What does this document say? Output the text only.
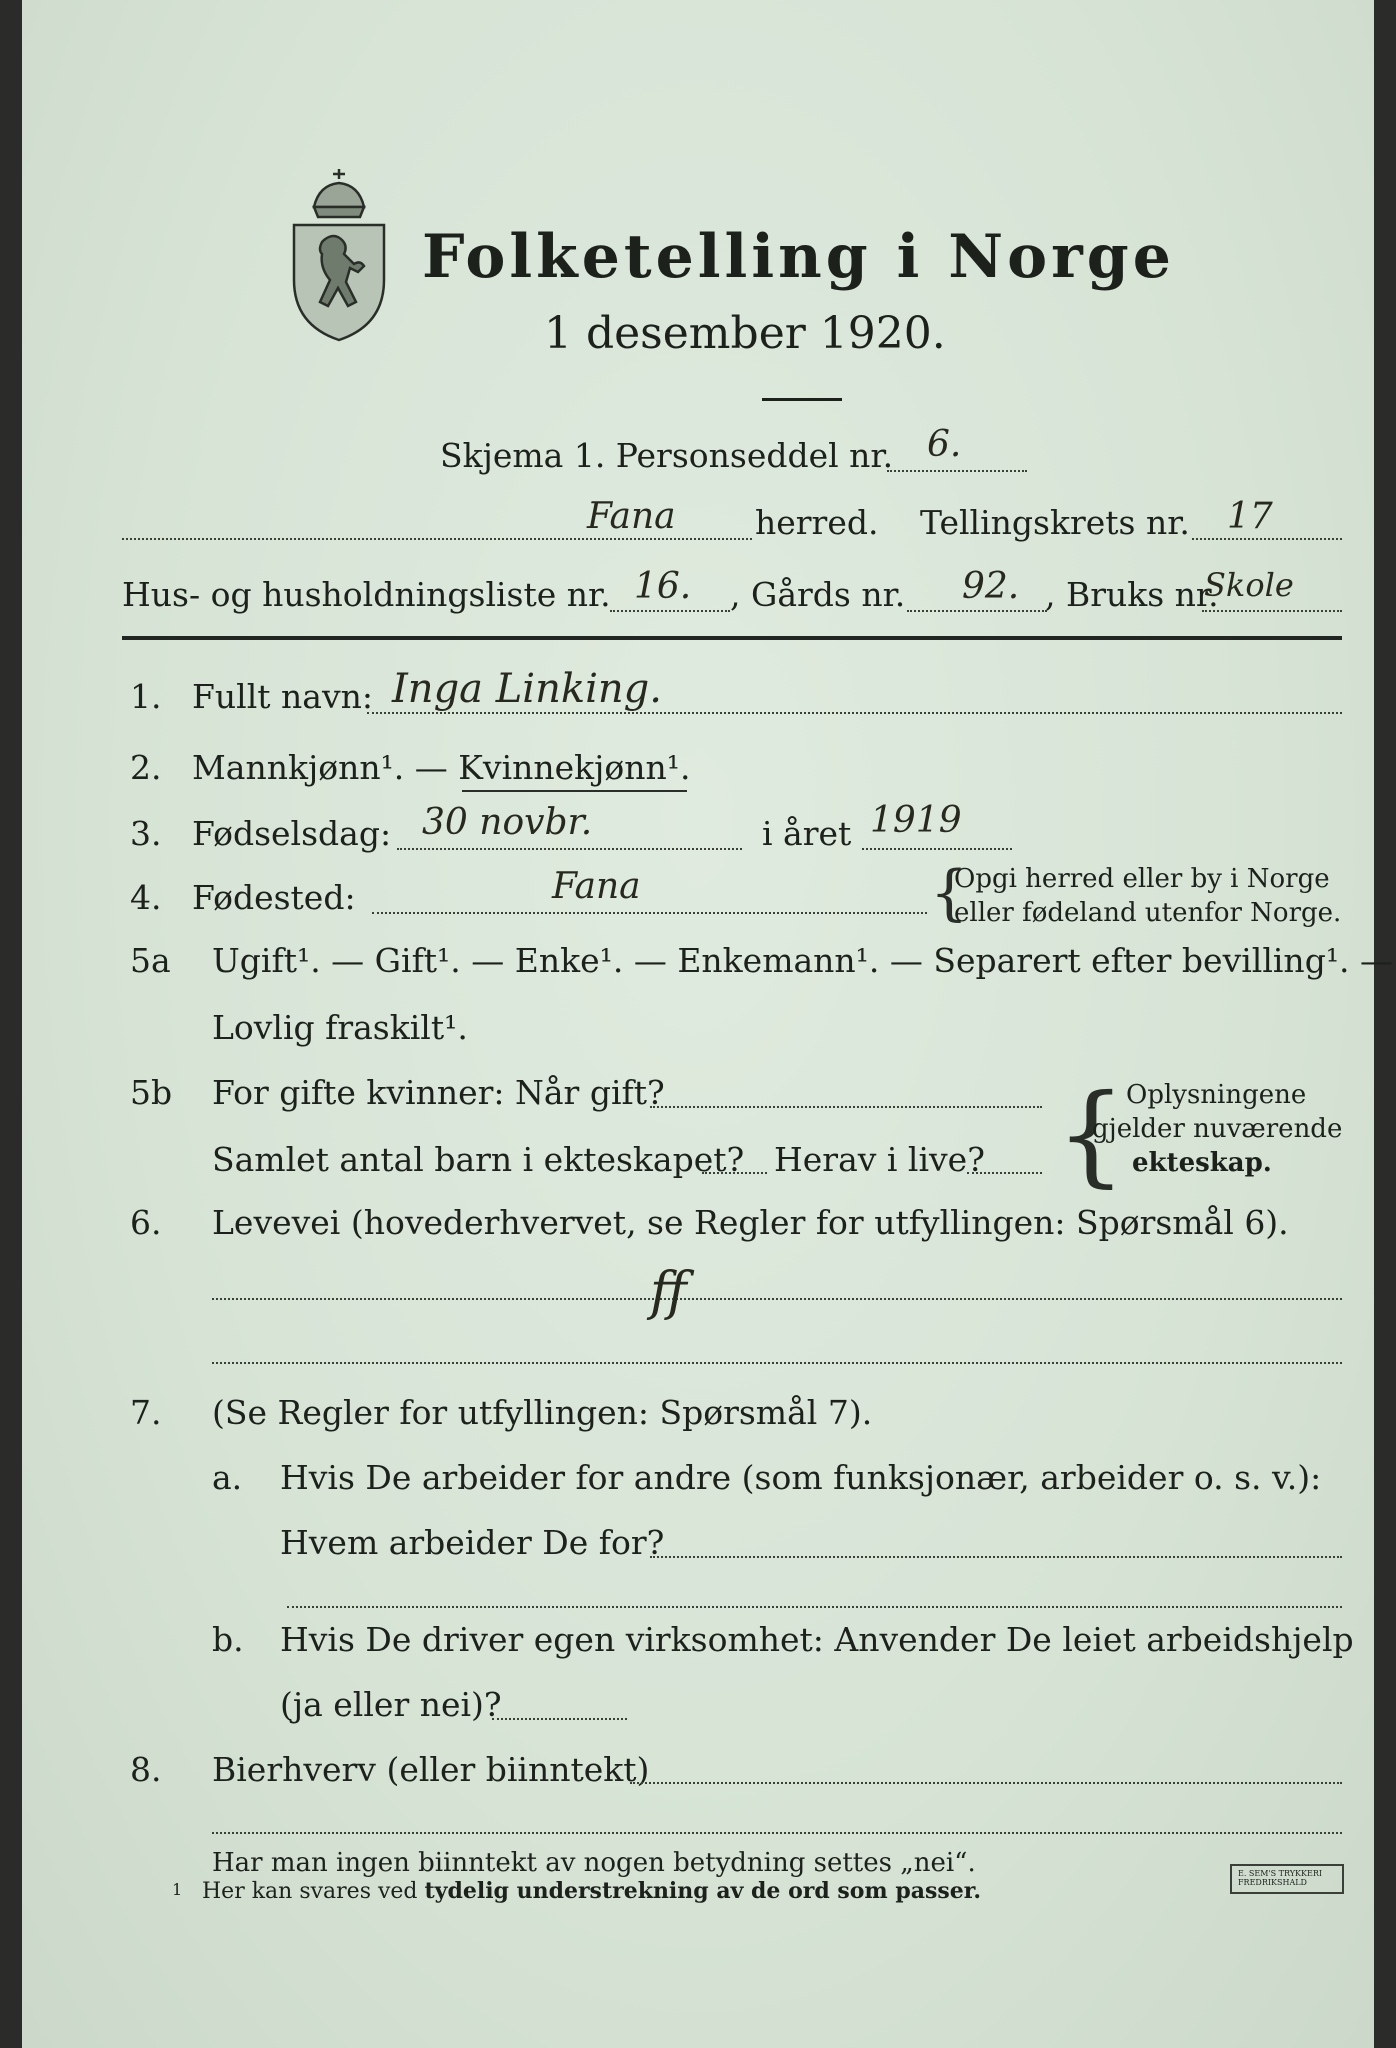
Folketelling i Norge
1 desember 1920.
Skjema 1. Personseddel nr. 6.
Fana herred. Tellingskrets nr. 17
Hus- og husholdningsliste nr. 16. , Gårds nr. 92. , Bruks nr.
Skole
1. Fullt navn: Inga Linking.
2. Mannkjønn¹. — Kvinnekjønn¹.
3. Fødselsdag: 30 novbr.	i året 1919
4. Fødested:	Fana	{
Opgi herred eller by i Norge
eller fødeland utenfor Norge.
5a Ugift¹. — Gift¹. — Enke¹. — Enkemann¹. — Separert efter bevilling¹. —
Lovlig fraskilt¹.
5b For gifte kvinner: Når gift?
Samlet antal barn i ekteskapet? Herav i live? { Oplysningene
gjelder nuværende
ekteskap.
6. Levevei (hovederhvervet, se Regler for utfyllingen: Spørsmål 6).
ff
7. (Se Regler for utfyllingen: Spørsmål 7).
a. Hvis De arbeider for andre (som funksjonær, arbeider o. s. v.):
Hvem arbeider De for?
b. Hvis De driver egen virksomhet: Anvender De leiet arbeidshjelp
(ja eller nei)?
8. Bierhverv (eller biinntekt)
Har man ingen biinntekt av nogen betydning settes „nei“.
1 Her kan svares ved tydelig understrekning av de ord som passer.
E. SEM'S TRYKKERI FREDRIKSHALD
